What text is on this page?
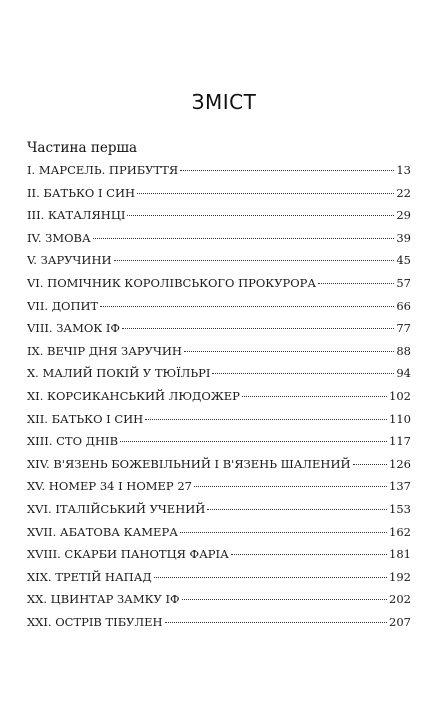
ЗМІСТ
Частина перша
I. МАРСЕЛЬ. ПРИБУТТЯ	13
II. БАТЬКО І СИН	22
III. КАТАЛЯНЦІ	29
IV. ЗМОВА	39
V. ЗАРУЧИНИ	45
VI. ПОМІЧНИК КОРОЛІВСЬКОГО ПРОКУРОРА	57
VII. ДОПИТ	66
VIII. ЗАМОК ІФ	77
IX. ВЕЧІР ДНЯ ЗАРУЧИН	88
X. МАЛИЙ ПОКІЙ У ТЮЇЛЬРІ	94
XI. КОРСИКАНСЬКИЙ ЛЮДОЖЕР	102
XII. БАТЬКО І СИН	110
XIII. СТО ДНІВ	117
XIV. В'ЯЗЕНЬ БОЖЕВІЛЬНИЙ І В'ЯЗЕНЬ ШАЛЕНИЙ	126
XV. НОМЕР 34 І НОМЕР 27	137
XVI. ІТАЛІЙСЬКИЙ УЧЕНИЙ	153
XVII. АБАТОВА КАМЕРА	162
XVIII. СКАРБИ ПАНОТЦЯ ФАРІА	181
XIX. ТРЕТІЙ НАПАД	192
XX. ЦВИНТАР ЗАМКУ ІФ	202
XXI. ОСТРІВ ТІБУЛЕН	207
